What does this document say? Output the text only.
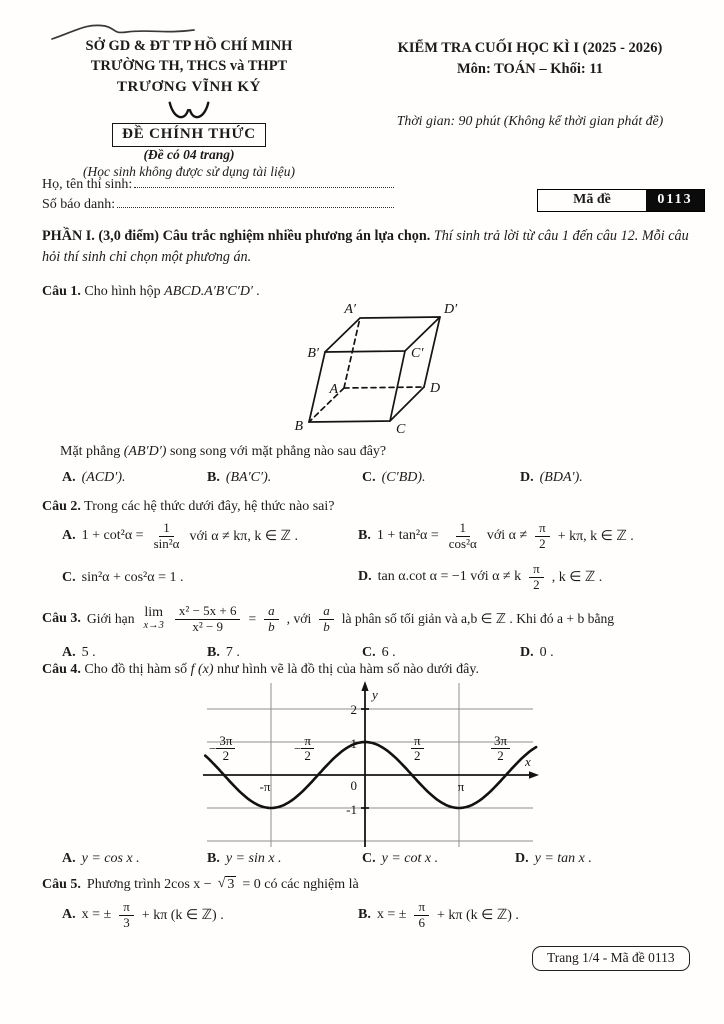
SỞ GD & ĐT TP HỒ CHÍ MINH
TRƯỜNG TH, THCS và THPT
TRƯƠNG VĨNH KÝ
ĐỀ CHÍNH THỨC
(Đề có 04 trang)
(Học sinh không được sử dụng tài liệu)
KIỂM TRA CUỐI HỌC KÌ I (2025 - 2026)
Môn: TOÁN – Khối: 11
Thời gian: 90 phút (Không kể thời gian phát đề)
Họ, tên thí sinh:
Số báo danh:	Mã đề	0113
PHẦN I. (3,0 điểm) Câu trắc nghiệm nhiều phương án lựa chọn. Thí sinh trả lời từ câu 1 đến câu 12. Mỗi câu hỏi thí sinh chỉ chọn một phương án.
Câu 1. Cho hình hộp ABCD.A′B′C′D′ .
A′	D′
B′	C′
A	D
B	C
Mặt phẳng (AB′D′) song song với mặt phẳng nào sau đây?
A. (ACD′).	B. (BA′C′).	C. (C′BD).	D. (BDA′).
Câu 2. Trong các hệ thức dưới đây, hệ thức nào sai?
A. $1 + \cot^2\alpha = \frac{1}{\text{sin²α}}$ với α ≠ kπ, k ∈ ℤ .	B. $1 + \tan^2\alpha = \frac{1}{\text{cos²α}}$ với $\alpha \ne \frac{\pi}{2} + k\pi$, k ∈ ℤ .
C. sin²α + cos²α = 1 .	D. tan α.cot α = −1 với α ≠ k $\frac{\pi}{2}$ , k ∈ ℤ .
Câu 3. Giới hạn lim
$x\to 3 \frac{\text{x² − 5x + 6}}{\text{x² − 9}} = \frac{a}{b}$ , với $\frac{a}{b}$ là phân số tối giản và a,b ∈ ℤ . Khi đó a + b bằng
A. 5 .	B. 7 .	C. 6 .	D. 0 .
Câu 4. Cho đồ thị hàm số f (x) như hình vẽ là đồ thị của hàm số nào dưới đây.
y
x
2
1
-1
0
-π	π
− $\frac{3\pi}{2}$	− $\frac{\pi}{2}$	π
2
3π
2
A. y = cos x .	B. y = sin x .	C. y = cot x .	D. y = tan x .
Câu 5. Phương trình 2cos x − √ 3 = 0 có các nghiệm là
A. x = ± $\frac{\pi}{3} + k\pi$ (k ∈ ℤ) .	B. x = ± $\frac{\pi}{6} + k\pi$ (k ∈ ℤ) .
Trang 1/4 - Mã đề 0113
